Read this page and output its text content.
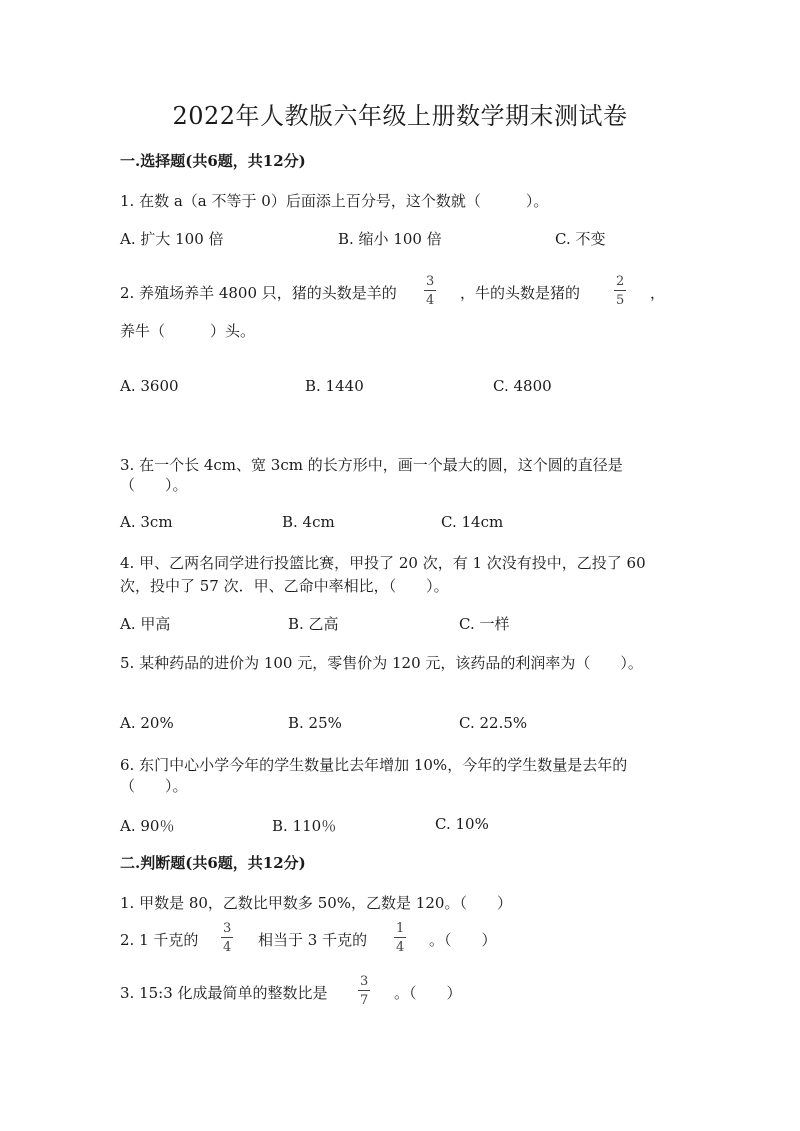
2022年人教版六年级上册数学期末测试卷
一.选择题(共6题，共12分)
1. 在数 a（a 不等于 0）后面添上百分号，这个数就（　　　）。
A. 扩大 100 倍	B. 缩小 100 倍	C. 不变
2. 养殖场养羊 4800 只，猪的头数是羊的 $\frac{3}{4}$ ，牛的头数是猪的	$\frac{2}{5}$ ，
养牛（　　　）头。
A. 3600	B. 1440	C. 4800
3. 在一个长 4cm、宽 3cm 的长方形中，画一个最大的圆，这个圆的直径是
（　　）。
A. 3cm	B. 4cm	C. 14cm
4. 甲、乙两名同学进行投篮比赛，甲投了 20 次，有 1 次没有投中，乙投了 60
次，投中了 57 次．甲、乙命中率相比，（　　）。
A. 甲高	B. 乙高	C. 一样
5. 某种药品的进价为 100 元，零售价为 120 元，该药品的利润率为（　　）。
A. 20%	B. 25%	C. 22.5%
6. 东门中心小学今年的学生数量比去年增加 10%，今年的学生数量是去年的
（　　）。
A. 90％	B. 110％	C. 10%
二.判断题(共6题，共12分)
1. 甲数是 80，乙数比甲数多 50%，乙数是 120。（　　）
2. 1 千克的 $\frac{3}{4}$ 相当于 3 千克的 $\frac{1}{4}$ 。（　　）
3. 15:3 化成最简单的整数比是 $\frac{3}{7}$ 。（　　）
